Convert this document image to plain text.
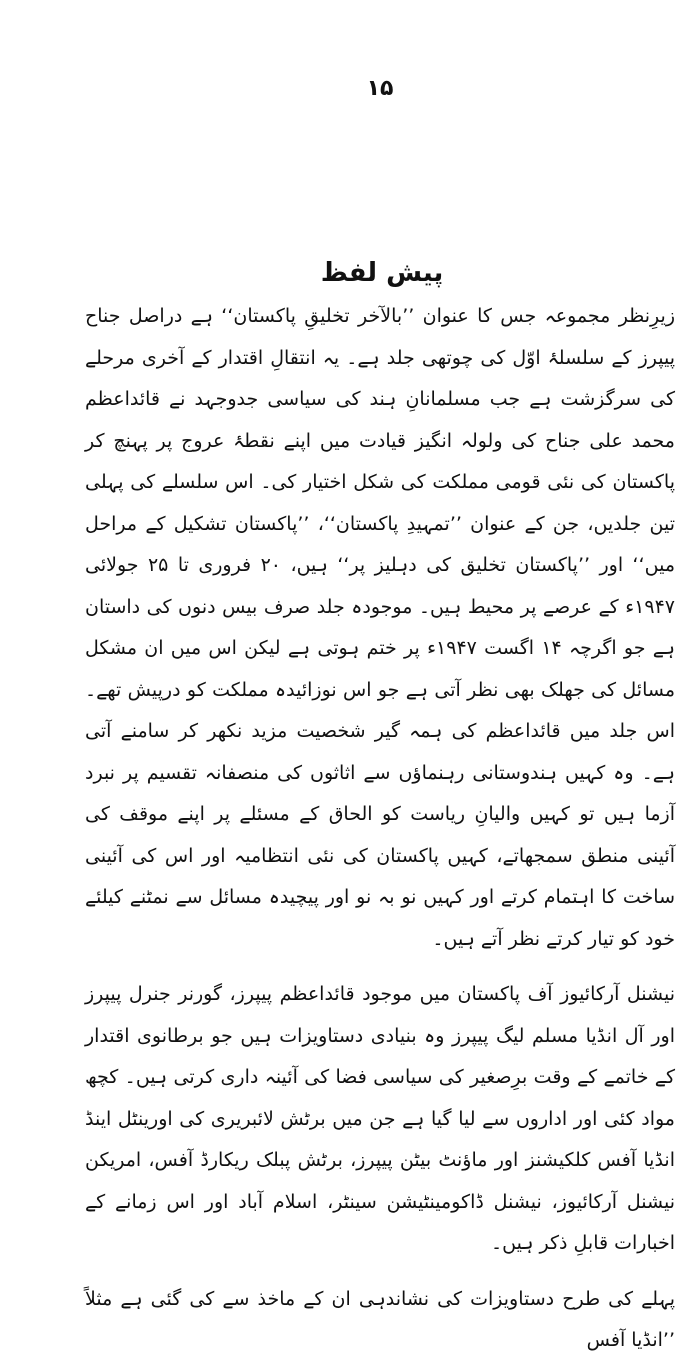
۱۵
پیش لفظ

زیرِنظر مجموعہ جس کا عنوان ’’بالآخر تخلیقِ پاکستان‘‘ ہے دراصل جناح پیپرز کے سلسلۂ اوّل کی چوتھی جلد ہے۔ یہ انتقالِ اقتدار کے آخری مرحلے کی سرگزشت ہے جب مسلمانانِ ہند کی سیاسی جدوجہد نے قائداعظم محمد علی جناح کی ولولہ انگیز قیادت میں اپنے نقطۂ عروج پر پہنچ کر پاکستان کی نئی قومی مملکت کی شکل اختیار کی۔ اس سلسلے کی پہلی تین جلدیں، جن کے عنوان ’’تمہیدِ پاکستان‘‘، ’’پاکستان تشکیل کے مراحل میں‘‘ اور ’’پاکستان تخلیق کی دہلیز پر‘‘ ہیں، ۲۰ فروری تا ۲۵ جولائی ۱۹۴۷ء کے عرصے پر محیط ہیں۔ موجودہ جلد صرف بیس دنوں کی داستان ہے جو اگرچہ ۱۴ اگست ۱۹۴۷ء پر ختم ہوتی ہے لیکن اس میں ان مشکل مسائل کی جھلک بھی نظر آتی ہے جو اس نوزائیدہ مملکت کو درپیش تھے۔ اس جلد میں قائداعظم کی ہمہ گیر شخصیت مزید نکھر کر سامنے آتی ہے۔ وہ کہیں ہندوستانی رہنماؤں سے اثاثوں کی منصفانہ تقسیم پر نبرد آزما ہیں تو کہیں والیانِ ریاست کو الحاق کے مسئلے پر اپنے موقف کی آئینی منطق سمجھاتے، کہیں پاکستان کی نئی انتظامیہ اور اس کی آئینی ساخت کا اہتمام کرتے اور کہیں نو بہ نو اور پیچیدہ مسائل سے نمٹنے کیلئے خود کو تیار کرتے نظر آتے ہیں۔

نیشنل آرکائیوز آف پاکستان میں موجود قائداعظم پیپرز، گورنر جنرل پیپرز اور آل انڈیا مسلم لیگ پیپرز وہ بنیادی دستاویزات ہیں جو برطانوی اقتدار کے خاتمے کے وقت برِصغیر کی سیاسی فضا کی آئینہ داری کرتی ہیں۔ کچھ مواد کئی اور اداروں سے لیا گیا ہے جن میں برٹش لائبریری کی اورینٹل اینڈ انڈیا آفس کلکیشنز اور ماؤنٹ بیٹن پیپرز، برٹش پبلک ریکارڈ آفس، امریکن نیشنل آرکائیوز، نیشنل ڈاکومینٹیشن سینٹر، اسلام آباد اور اس زمانے کے اخبارات قابلِ ذکر ہیں۔

پہلے کی طرح دستاویزات کی نشاندہی ان کے ماخذ سے کی گئی ہے مثلاً ’’انڈیا آفس
